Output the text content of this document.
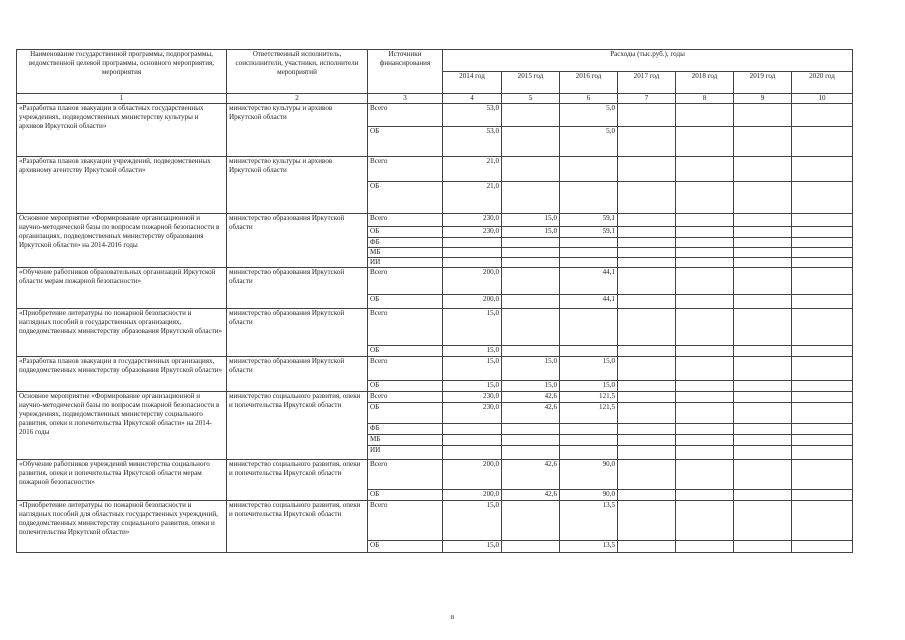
Наименование государственной программы, подпрограммы, ведомственной целевой программы, основного мероприятия, мероприятия	Ответственный исполнитель, соисполнители, участники, исполнители мероприятий	Источники финансирования	Расходы (тыс.руб.), годы						
			2014 год	2015 год	2016 год	2017 год	2018 год	2019 год	2020 год
1	2	3	4	5	6	7	8	9	10
«Разработка планов эвакуации в областных государственных учреждениях, подведомственных министерству культуры и архивов Иркутской области»	министерство культуры и архивов Иркутской области	Всего	53,0		5,0				
		ОБ	53,0		5,0				
«Разработка планов эвакуации учреждений, подведомственных архивному агентству Иркутской области»	министерство культуры и архивов Иркутской области	Всего	21,0						
		ОБ	21,0						
Основное мероприятие «Формирование организационной и научно-методической базы по вопросам пожарной безопасности в организациях, подведомственных министерству образования Иркутской области» на 2014-2016 годы	министерство образования Иркутской области	Всего	230,0	15,0	59,1				
		ОБ	230,0	15,0	59,1				
		ФБ							
		МБ							
		ИИ							
«Обучение работников образовательных организаций Иркутской области мерам пожарной безопасности»	министерство образования Иркутской области	Всего	200,0		44,1				
		ОБ	200,0		44,1				
«Приобретение литературы по пожарной безопасности и наглядных пособий в государственных организациях, подведомственных министерству образования Иркутской области»	министерство образования Иркутской области	Всего	15,0						
		ОБ	15,0						
«Разработка планов эвакуации в государственных организациях, подведомственных министерству образования Иркутской области»	министерство образования Иркутской области	Всего	15,0	15,0	15,0				
		ОБ	15,0	15,0	15,0				
Основное мероприятие «Формирование организационной и научно-методической базы по вопросам пожарной безопасности в учреждениях, подведомственных министерству социального развития, опеки и попечительства Иркутской области» на 2014-2016 годы	министерство социального развития, опеки и попечительства Иркутской области	Всего	230,0	42,6	121,5				
		ОБ	230,0	42,6	121,5				
		ФБ							
		МБ							
		ИИ							
«Обучение работников учреждений министерства социального развития, опеки и попечительства Иркутской области мерам пожарной безопасности»	министерство социального развития, опеки и попечительства Иркутской области	Всего	200,0	42,6	90,0				
		ОБ	200,0	42,6	90,0				
«Приобретение литературы по пожарной безопасности и наглядных пособий для областных государственных учреждений, подведомственных министерству социального развития, опеки и попечительства Иркутской области»	министерство социального развития, опеки и попечительства Иркутской области	Всего	15,0		13,5				
		ОБ	15,0		13,5				
8
